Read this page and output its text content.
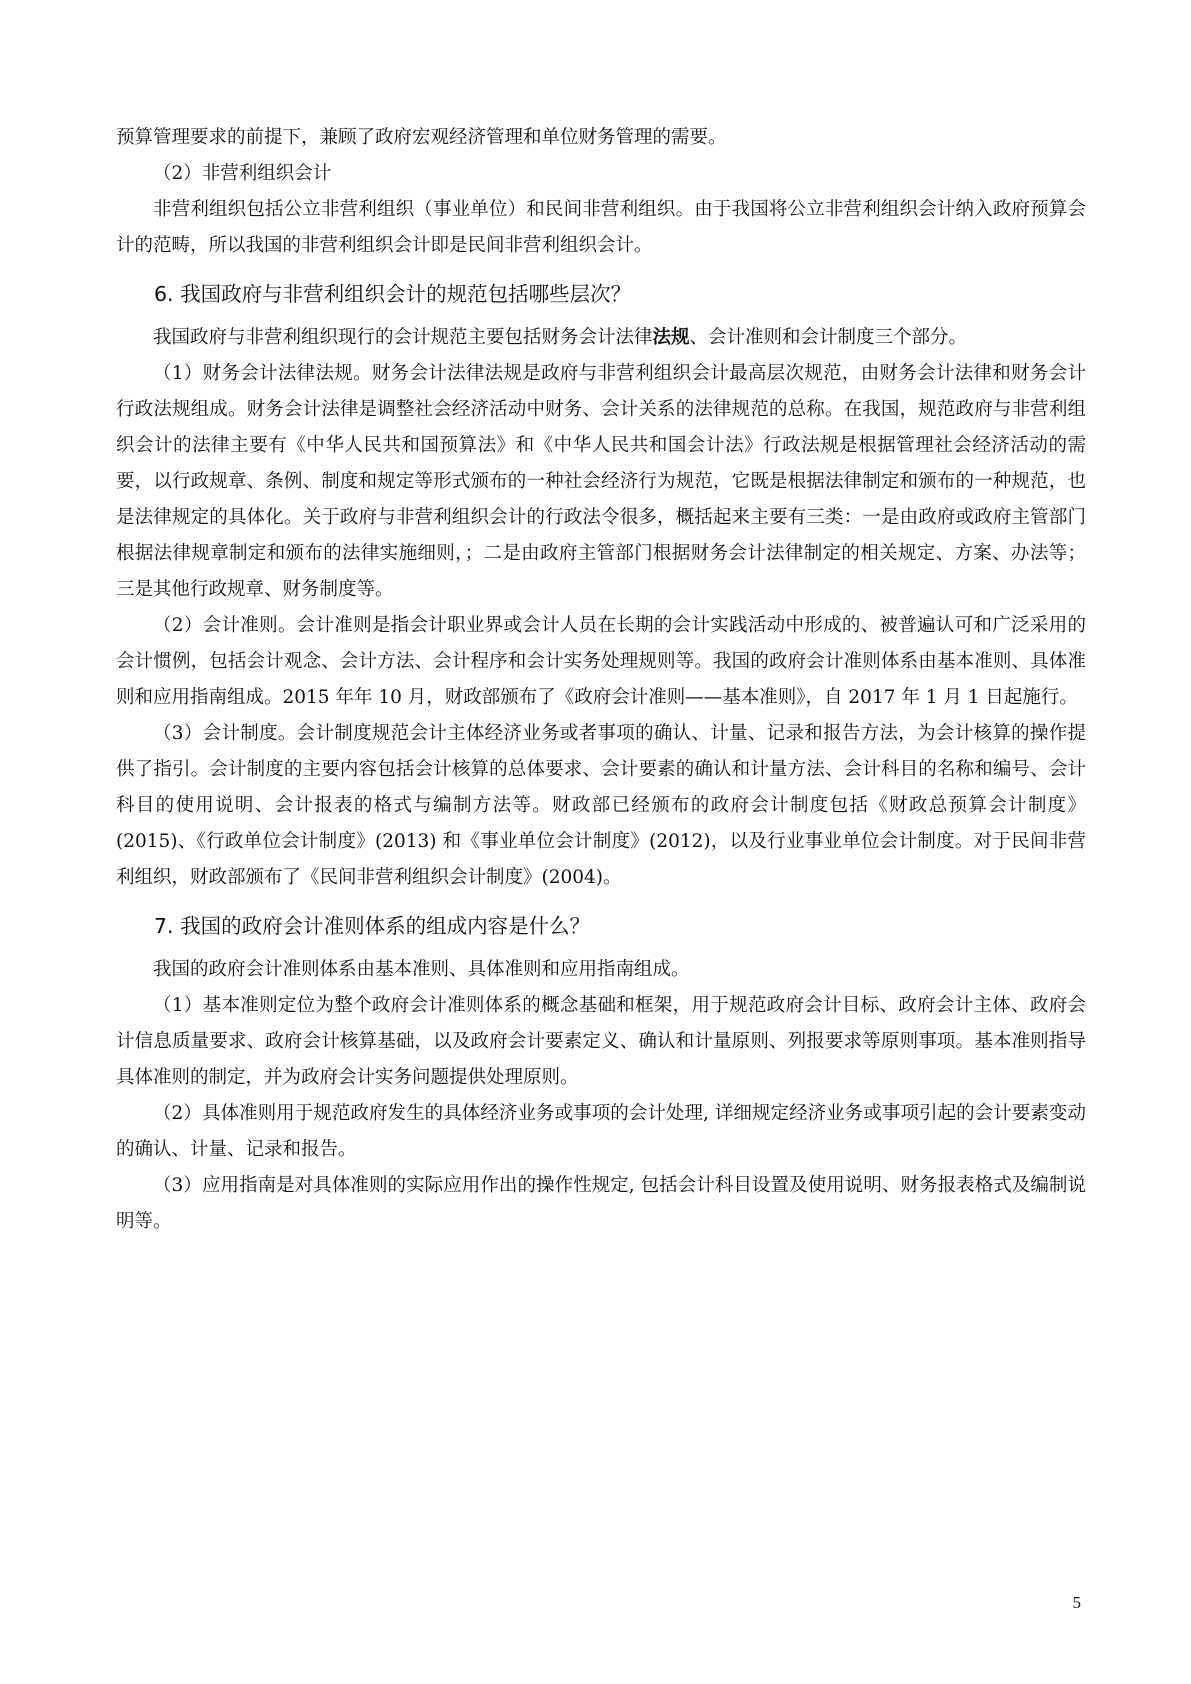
预算管理要求的前提下，兼顾了政府宏观经济管理和单位财务管理的需要。

（2）非营利组织会计

非营利组织包括公立非营利组织（事业单位）和民间非营利组织。由于我国将公立非营利组织会计纳入政府预算会计的范畴，所以我国的非营利组织会计即是民间非营利组织会计。

6. 我国政府与非营利组织会计的规范包括哪些层次？

我国政府与非营利组织现行的会计规范主要包括财务会计法律法规、会计准则和会计制度三个部分。

（1）财务会计法律法规。财务会计法律法规是政府与非营利组织会计最高层次规范，由财务会计法律和财务会计行政法规组成。财务会计法律是调整社会经济活动中财务、会计关系的法律规范的总称。在我国，规范政府与非营利组织会计的法律主要有《中华人民共和国预算法》和《中华人民共和国会计法》行政法规是根据管理社会经济活动的需要，以行政规章、条例、制度和规定等形式颁布的一种社会经济行为规范，它既是根据法律制定和颁布的一种规范，也是法律规定的具体化。关于政府与非营利组织会计的行政法令很多，概括起来主要有三类：一是由政府或政府主管部门根据法律规章制定和颁布的法律实施细则，；二是由政府主管部门根据财务会计法律制定的相关规定、方案、办法等；三是其他行政规章、财务制度等。

（2）会计准则。会计准则是指会计职业界或会计人员在长期的会计实践活动中形成的、被普遍认可和广泛采用的会计惯例，包括会计观念、会计方法、会计程序和会计实务处理规则等。我国的政府会计准则体系由基本准则、具体准则和应用指南组成。2015 年年 10 月，财政部颁布了《政府会计准则——基本准则》，自 2017 年 1 月 1 日起施行。

（3）会计制度。会计制度规范会计主体经济业务或者事项的确认、计量、记录和报告方法，为会计核算的操作提供了指引。会计制度的主要内容包括会计核算的总体要求、会计要素的确认和计量方法、会计科目的名称和编号、会计科目的使用说明、会计报表的格式与编制方法等。财政部已经颁布的政府会计制度包括《财政总预算会计制度》(2015)、《行政单位会计制度》(2013) 和《事业单位会计制度》(2012)，以及行业事业单位会计制度。对于民间非营利组织，财政部颁布了《民间非营利组织会计制度》(2004)。

7. 我国的政府会计准则体系的组成内容是什么？

我国的政府会计准则体系由基本准则、具体准则和应用指南组成。

（1）基本准则定位为整个政府会计准则体系的概念基础和框架，用于规范政府会计目标、政府会计主体、政府会计信息质量要求、政府会计核算基础，以及政府会计要素定义、确认和计量原则、列报要求等原则事项。基本准则指导具体准则的制定，并为政府会计实务问题提供处理原则。

（2）具体准则用于规范政府发生的具体经济业务或事项的会计处理, 详细规定经济业务或事项引起的会计要素变动的确认、计量、记录和报告。

（3）应用指南是对具体准则的实际应用作出的操作性规定, 包括会计科目设置及使用说明、财务报表格式及编制说明等。

5
